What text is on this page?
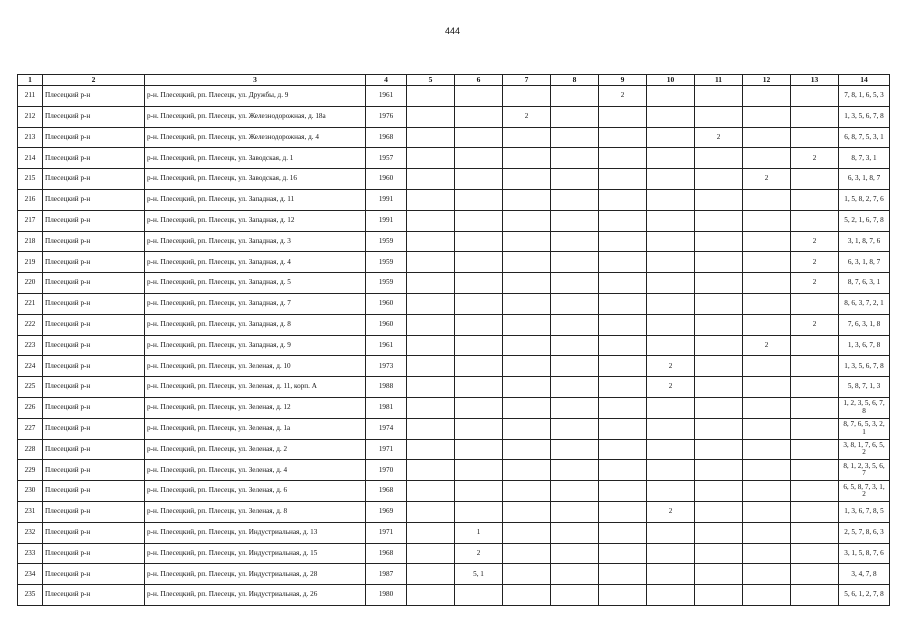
444
1	2	3	4	5	6	7	8	9	10	11	12	13	14
211	Плесецкий р-н	р-н. Плесецкий, рп. Плесецк, ул. Дружбы, д. 9	1961					2					7, 8, 1, 6, 5, 3
212	Плесецкий р-н	р-н. Плесецкий, рп. Плесецк, ул. Железнодорожная, д. 18а	1976			2							1, 3, 5, 6, 7, 8
213	Плесецкий р-н	р-н. Плесецкий, рп. Плесецк, ул. Железнодорожная, д. 4	1968							2			6, 8, 7, 5, 3, 1
214	Плесецкий р-н	р-н. Плесецкий, рп. Плесецк, ул. Заводская, д. 1	1957									2	8, 7, 3, 1
215	Плесецкий р-н	р-н. Плесецкий, рп. Плесецк, ул. Заводская, д. 16	1960								2		6, 3, 1, 8, 7
216	Плесецкий р-н	р-н. Плесецкий, рп. Плесецк, ул. Западная, д. 11	1991										1, 5, 8, 2, 7, 6
217	Плесецкий р-н	р-н. Плесецкий, рп. Плесецк, ул. Западная, д. 12	1991										5, 2, 1, 6, 7, 8
218	Плесецкий р-н	р-н. Плесецкий, рп. Плесецк, ул. Западная, д. 3	1959									2	3, 1, 8, 7, 6
219	Плесецкий р-н	р-н. Плесецкий, рп. Плесецк, ул. Западная, д. 4	1959									2	6, 3, 1, 8, 7
220	Плесецкий р-н	р-н. Плесецкий, рп. Плесецк, ул. Западная, д. 5	1959									2	8, 7, 6, 3, 1
221	Плесецкий р-н	р-н. Плесецкий, рп. Плесецк, ул. Западная, д. 7	1960										8, 6, 3, 7, 2, 1
222	Плесецкий р-н	р-н. Плесецкий, рп. Плесецк, ул. Западная, д. 8	1960									2	7, 6, 3, 1, 8
223	Плесецкий р-н	р-н. Плесецкий, рп. Плесецк, ул. Западная, д. 9	1961								2		1, 3, 6, 7, 8
224	Плесецкий р-н	р-н. Плесецкий, рп. Плесецк, ул. Зеленая, д. 10	1973						2				1, 3, 5, 6, 7, 8
225	Плесецкий р-н	р-н. Плесецкий, рп. Плесецк, ул. Зеленая, д. 11, корп. А	1988						2				5, 8, 7, 1, 3
226	Плесецкий р-н	р-н. Плесецкий, рп. Плесецк, ул. Зеленая, д. 12	1981										1, 2, 3, 5, 6, 7, 8
227	Плесецкий р-н	р-н. Плесецкий, рп. Плесецк, ул. Зеленая, д. 1а	1974										8, 7, 6, 5, 3, 2, 1
228	Плесецкий р-н	р-н. Плесецкий, рп. Плесецк, ул. Зеленая, д. 2	1971										3, 8, 1, 7, 6, 5, 2
229	Плесецкий р-н	р-н. Плесецкий, рп. Плесецк, ул. Зеленая, д. 4	1970										8, 1, 2, 3, 5, 6, 7
230	Плесецкий р-н	р-н. Плесецкий, рп. Плесецк, ул. Зеленая, д. 6	1968										6, 5, 8, 7, 3, 1, 2
231	Плесецкий р-н	р-н. Плесецкий, рп. Плесецк, ул. Зеленая, д. 8	1969						2				1, 3, 6, 7, 8, 5
232	Плесецкий р-н	р-н. Плесецкий, рп. Плесецк, ул. Индустриальная, д. 13	1971		1								2, 5, 7, 8, 6, 3
233	Плесецкий р-н	р-н. Плесецкий, рп. Плесецк, ул. Индустриальная, д. 15	1968		2								3, 1, 5, 8, 7, 6
234	Плесецкий р-н	р-н. Плесецкий, рп. Плесецк, ул. Индустриальная, д. 28	1987		5, 1								3, 4, 7, 8
235	Плесецкий р-н	р-н. Плесецкий, рп. Плесецк, ул. Индустриальная, д. 26	1980										5, 6, 1, 2, 7, 8
